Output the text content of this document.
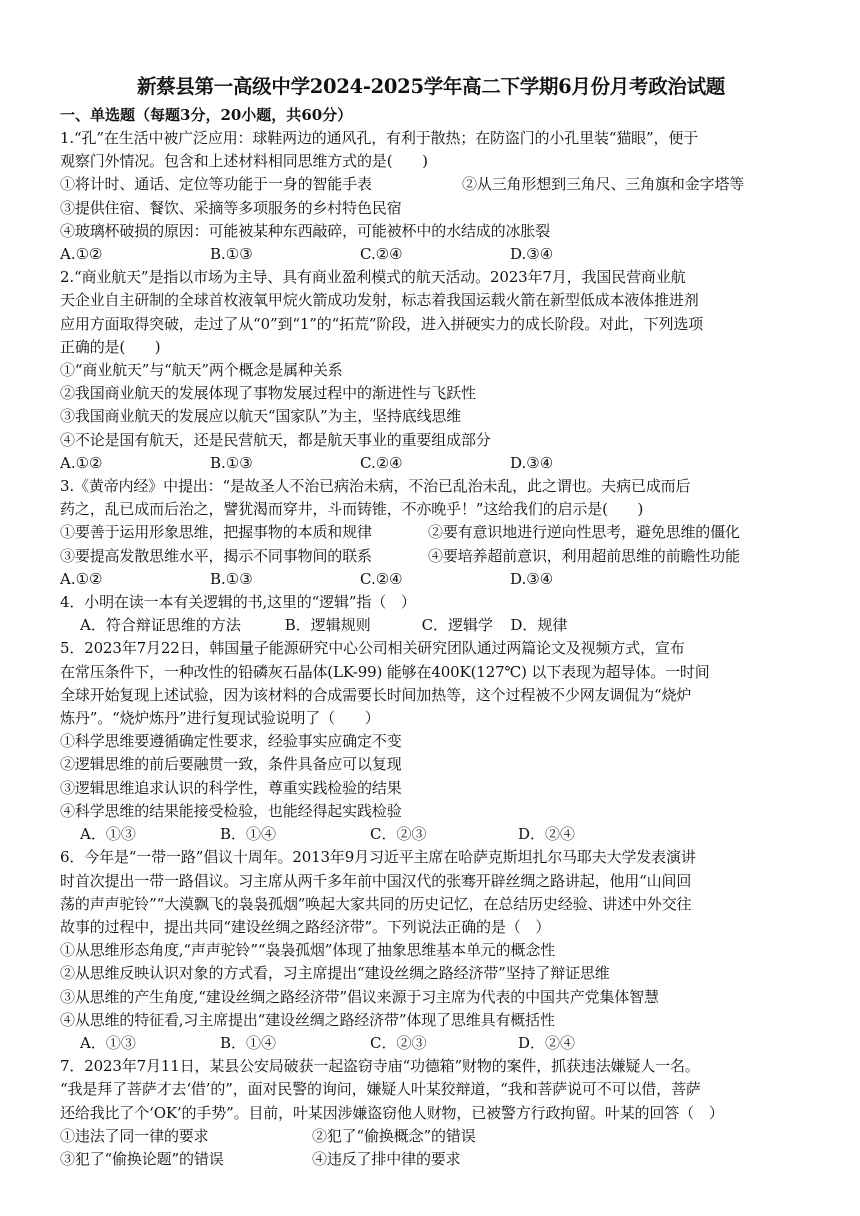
新蔡县第一高级中学2024-2025学年高二下学期6月份月考政治试题
一、单选题（每题3分，20小题，共60分）
1.“孔”在生活中被广泛应用：球鞋两边的通风孔，有利于散热；在防盗门的小孔里装“猫眼”，便于
观察门外情况。包含和上述材料相同思维方式的是(　　)
①将计时、通话、定位等功能于一身的智能手表	②从三角形想到三角尺、三角旗和金字塔等
③提供住宿、餐饮、采摘等多项服务的乡村特色民宿
④玻璃杯破损的原因：可能被某种东西敲碎，可能被杯中的水结成的冰胀裂
A.①②	B.①③	C.②④	D.③④
2.“商业航天”是指以市场为主导、具有商业盈利模式的航天活动。2023年7月，我国民营商业航
天企业自主研制的全球首枚液氧甲烷火箭成功发射，标志着我国运载火箭在新型低成本液体推进剂
应用方面取得突破，走过了从“0”到“1”的“拓荒”阶段，进入拼硬实力的成长阶段。对此，下列选项
正确的是(　　)
①“商业航天”与“航天”两个概念是属种关系
②我国商业航天的发展体现了事物发展过程中的渐进性与飞跃性
③我国商业航天的发展应以航天“国家队”为主，坚持底线思维
④不论是国有航天，还是民营航天，都是航天事业的重要组成部分
A.①②	B.①③	C.②④	D.③④
3.《黄帝内经》中提出：“是故圣人不治已病治未病，不治已乱治未乱，此之谓也。夫病已成而后
药之，乱已成而后治之，譬犹渴而穿井，斗而铸锥，不亦晚乎！”这给我们的启示是(　　)
①要善于运用形象思维，把握事物的本质和规律	②要有意识地进行逆向性思考，避免思维的僵化
③要提高发散思维水平，揭示不同事物间的联系	④要培养超前意识，利用超前思维的前瞻性功能
A.①②	B.①③	C.②④	D.③④
4．小明在读一本有关逻辑的书,这里的“逻辑”指（　）
A．符合辩证思维的方法	B．逻辑规则	C．逻辑学 D．规律
5．2023年7月22日，韩国量子能源研究中心公司相关研究团队通过两篇论文及视频方式，宣布
在常压条件下，一种改性的铅磷灰石晶体(LK-99) 能够在400K(127℃) 以下表现为超导体。一时间
全球开始复现上述试验，因为该材料的合成需要长时间加热等，这个过程被不少网友调侃为“烧炉
炼丹”。“烧炉炼丹”进行复现试验说明了（　　）
①科学思维要遵循确定性要求，经验事实应确定不变
②逻辑思维的前后要融贯一致，条件具备应可以复现
③逻辑思维追求认识的科学性，尊重实践检验的结果
④科学思维的结果能接受检验，也能经得起实践检验
A．①③	B．①④	C．②③	D．②④
6．今年是“一带一路”倡议十周年。2013年9月习近平主席在哈萨克斯坦扎尔马耶夫大学发表演讲
时首次提出一带一路倡议。习主席从两千多年前中国汉代的张骞开辟丝绸之路讲起，他用“山间回
荡的声声驼铃”“大漠飘飞的袅袅孤烟”唤起大家共同的历史记忆，在总结历史经验、讲述中外交往
故事的过程中，提出共同“建设丝绸之路经济带”。下列说法正确的是（　）
①从思维形态角度,“声声驼铃”“袅袅孤烟”体现了抽象思维基本单元的概念性
②从思维反映认识对象的方式看，习主席提出“建设丝绸之路经济带”坚持了辩证思维
③从思维的产生角度,“建设丝绸之路经济带”倡议来源于习主席为代表的中国共产党集体智慧
④从思维的特征看,习主席提出“建设丝绸之路经济带”体现了思维具有概括性
A．①③	B．①④	C．②③	D．②④
7．2023年7月11日，某县公安局破获一起盗窃寺庙“功德箱”财物的案件，抓获违法嫌疑人一名。
“我是拜了菩萨才去‘借’的”，面对民警的询问，嫌疑人叶某狡辩道，“我和菩萨说可不可以借，菩萨
还给我比了个‘OK’的手势”。目前，叶某因涉嫌盗窃他人财物，已被警方行政拘留。叶某的回答（　）
①违法了同一律的要求	②犯了“偷换概念”的错误
③犯了“偷换论题”的错误	④违反了排中律的要求
